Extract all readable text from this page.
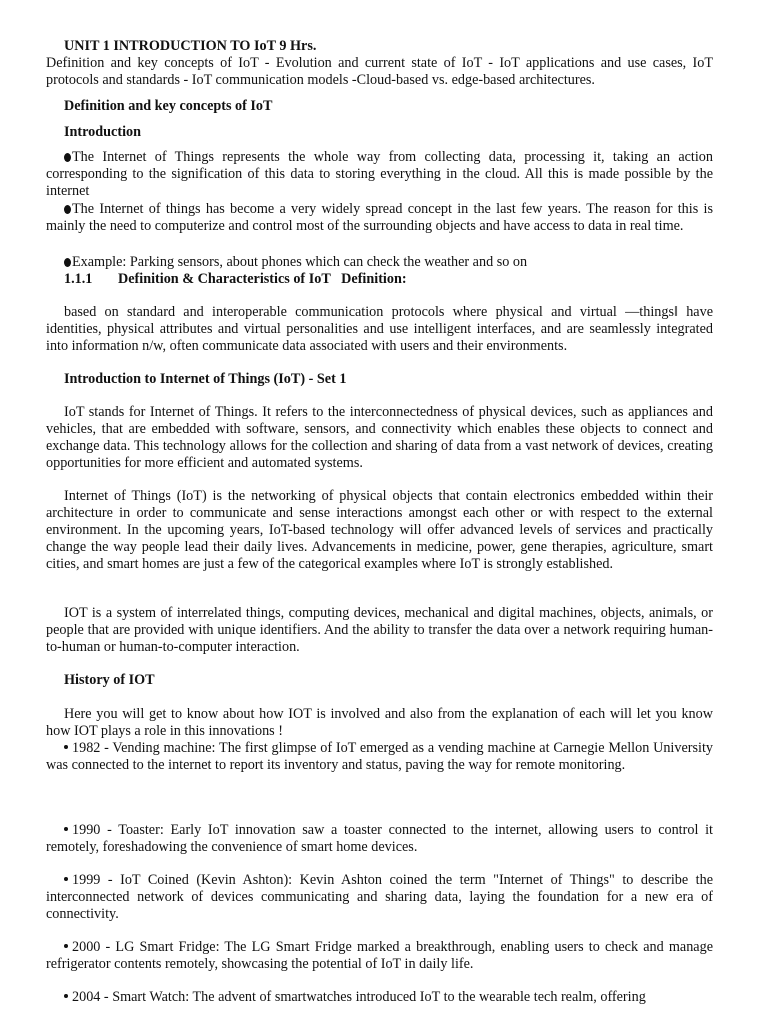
UNIT 1 INTRODUCTION TO IoT 9 Hrs.

Definition and key concepts of IoT - Evolution and current state of IoT - IoT applications and use cases, IoT protocols and standards - IoT communication models -Cloud-based vs. edge-based architectures.

Definition and key concepts of IoT

Introduction

The Internet of Things represents the whole way from collecting data, processing it, taking an action corresponding to the signification of this data to storing everything in the cloud. All this is made possible by the internet

The Internet of things has become a very widely spread concept in the last few years. The reason for this is mainly the need to computerize and control most of the surrounding objects and have access to data in real time.

Example: Parking sensors, about phones which can check the weather and so on

1.1.1 Definition & Characteristics of IoT   Definition:

based on standard and interoperable communication protocols where physical and virtual —things‖ have identities, physical attributes and virtual personalities and use intelligent interfaces, and are seamlessly integrated into information n/w, often communicate data associated with users and their environments.

Introduction to Internet of Things (IoT) - Set 1

IoT stands for Internet of Things. It refers to the interconnectedness of physical devices, such as appliances and vehicles, that are embedded with software, sensors, and connectivity which enables these objects to connect and exchange data. This technology allows for the collection and sharing of data from a vast network of devices, creating opportunities for more efficient and automated systems.

Internet of Things (IoT) is the networking of physical objects that contain electronics embedded within their architecture in order to communicate and sense interactions amongst each other or with respect to the external environment. In the upcoming years, IoT-based technology will offer advanced levels of services and practically change the way people lead their daily lives. Advancements in medicine, power, gene therapies, agriculture, smart cities, and smart homes are just a few of the categorical examples where IoT is strongly established.

IOT is a system of interrelated things, computing devices, mechanical and digital machines, objects, animals, or people that are provided with unique identifiers. And the ability to transfer the data over a network requiring human-to-human or human-to-computer interaction.

History of IOT

Here you will get to know about how IOT is involved and also from the explanation of each will let you know how IOT plays a role in this innovations !

1982 - Vending machine: The first glimpse of IoT emerged as a vending machine at Carnegie Mellon University was connected to the internet to report its inventory and status, paving the way for remote monitoring.

1990 - Toaster: Early IoT innovation saw a toaster connected to the internet, allowing users to control it remotely, foreshadowing the convenience of smart home devices.

1999 - IoT Coined (Kevin Ashton): Kevin Ashton coined the term "Internet of Things" to describe the interconnected network of devices communicating and sharing data, laying the foundation for a new era of connectivity.

2000 - LG Smart Fridge: The LG Smart Fridge marked a breakthrough, enabling users to check and manage refrigerator contents remotely, showcasing the potential of IoT in daily life.

2004 - Smart Watch: The advent of smartwatches introduced IoT to the wearable tech realm, offering
